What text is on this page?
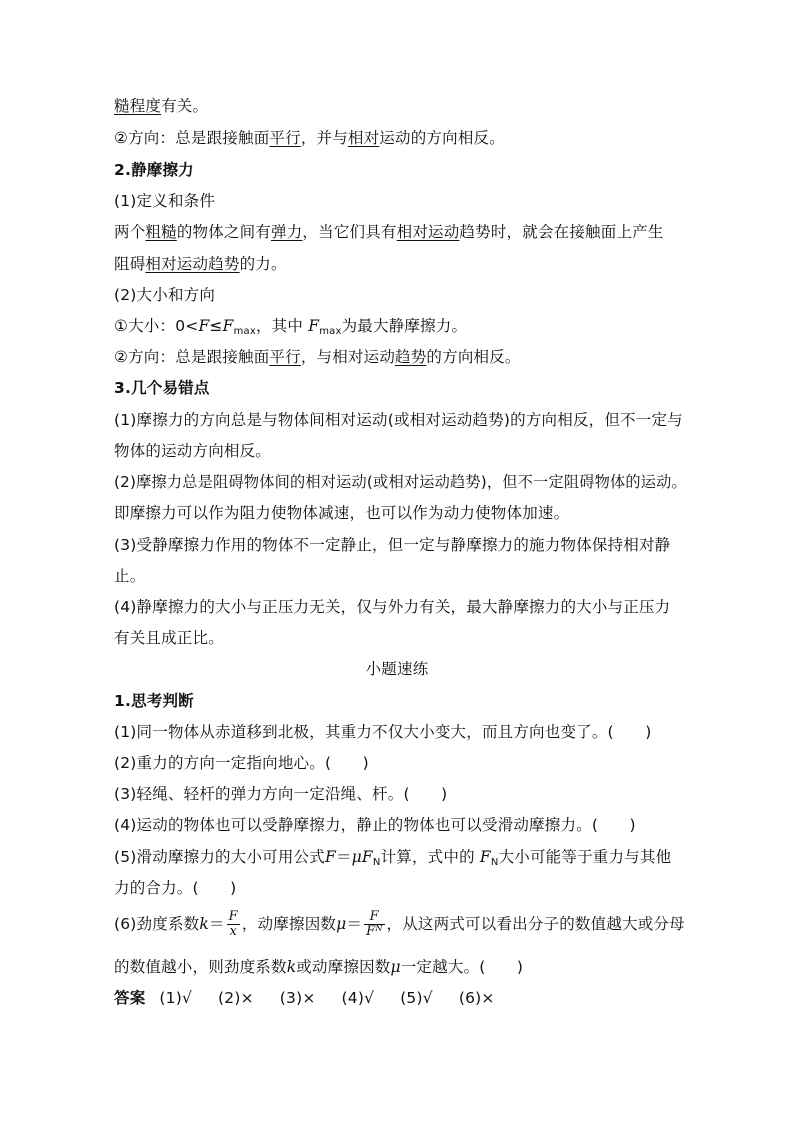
糙程度有关。
②方向：总是跟接触面平行，并与相对运动的方向相反。
2.静摩擦力
(1)定义和条件
两个粗糙的物体之间有弹力，当它们具有相对运动趋势时，就会在接触面上产生
阻碍相对运动趋势的力。
(2)大小和方向
①大小：$0<F\le F_{max}$，其中 $F_{max}$为最大静摩擦力。
②方向：总是跟接触面平行，与相对运动趋势的方向相反。
3.几个易错点
(1)摩擦力的方向总是与物体间相对运动(或相对运动趋势)的方向相反，但不一定与
物体的运动方向相反。
(2)摩擦力总是阻碍物体间的相对运动(或相对运动趋势)，但不一定阻碍物体的运动。
即摩擦力可以作为阻力使物体减速，也可以作为动力使物体加速。
(3)受静摩擦力作用的物体不一定静止，但一定与静摩擦力的施力物体保持相对静
止。
(4)静摩擦力的大小与正压力无关，仅与外力有关，最大静摩擦力的大小与正压力
有关且成正比。
小题速练
1.思考判断
(1)同一物体从赤道移到北极，其重力不仅大小变大，而且方向也变了。(　　)
(2)重力的方向一定指向地心。(　　)
(3)轻绳、轻杆的弹力方向一定沿绳、杆。(　　)
(4)运动的物体也可以受静摩擦力，静止的物体也可以受滑动摩擦力。(　　)
(5)滑动摩擦力的大小可用公式$F=\mu F_N$计算，式中的 $F_N$大小可能等于重力与其他
力的合力。(　　)
(6)劲度系数$k= \frac{F}{x}$ ，动摩擦因数$\mu= \frac{F}{F^N}$ ，从这两式可以看出分子的数值越大或分母
的数值越小，则劲度系数k或动摩擦因数μ一定越大。(　　)
答案 (1)√ (2)× (3)× (4)√ (5)√ (6)×
